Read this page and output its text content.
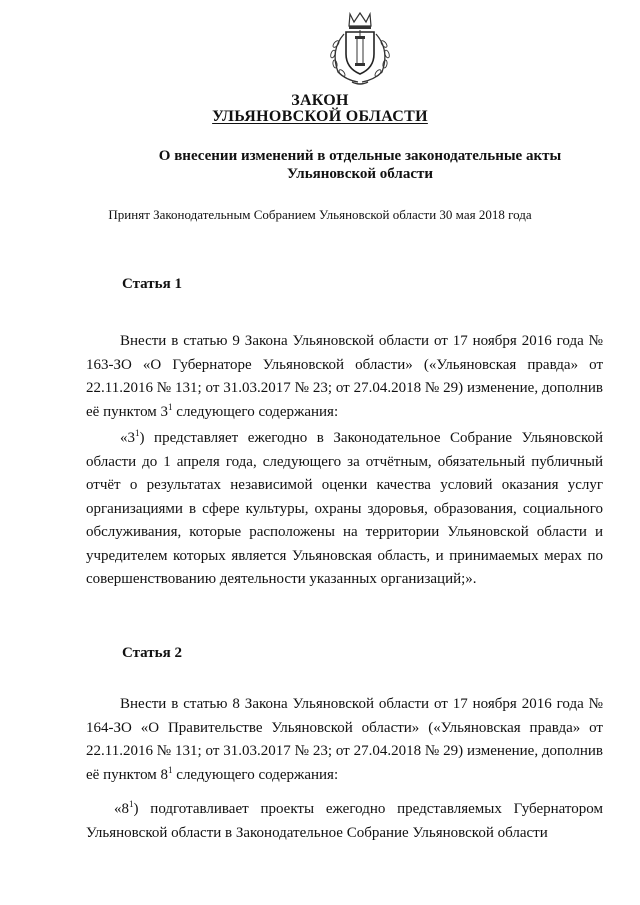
ЗАКОН

УЛЬЯНОВСКОЙ ОБЛАСТИ

О внесении изменений в отдельные законодательные акты

Ульяновской области

Принят Законодательным Собранием Ульяновской области 30 мая 2018 года

Статья 1

Внести в статью 9 Закона Ульяновской области от 17 ноября 2016 года № 163-ЗО «О Губернаторе Ульяновской области» («Ульяновская правда» от 22.11.2016 № 131; от 31.03.2017 № 23; от 27.04.2018 № 29) изменение, дополнив её пунктом $3^1$ следующего содержания:

«$3^1$) представляет ежегодно в Законодательное Собрание Ульяновской области до 1 апреля года, следующего за отчётным, обязательный публичный отчёт о результатах независимой оценки качества условий оказания услуг организациями в сфере культуры, охраны здоровья, образования, социального обслуживания, которые расположены на территории Ульяновской области и учредителем которых является Ульяновская область, и принимаемых мерах по совершенствованию деятельности указанных организаций;».

Статья 2

Внести в статью 8 Закона Ульяновской области от 17 ноября 2016 года № 164-ЗО «О Правительстве Ульяновской области» («Ульяновская правда» от 22.11.2016 № 131; от 31.03.2017 № 23; от 27.04.2018 № 29) изменение, дополнив её пунктом $8^1$ следующего содержания:

«$8^1$) подготавливает проекты ежегодно представляемых Губернатором Ульяновской области в Законодательное Собрание Ульяновской области
